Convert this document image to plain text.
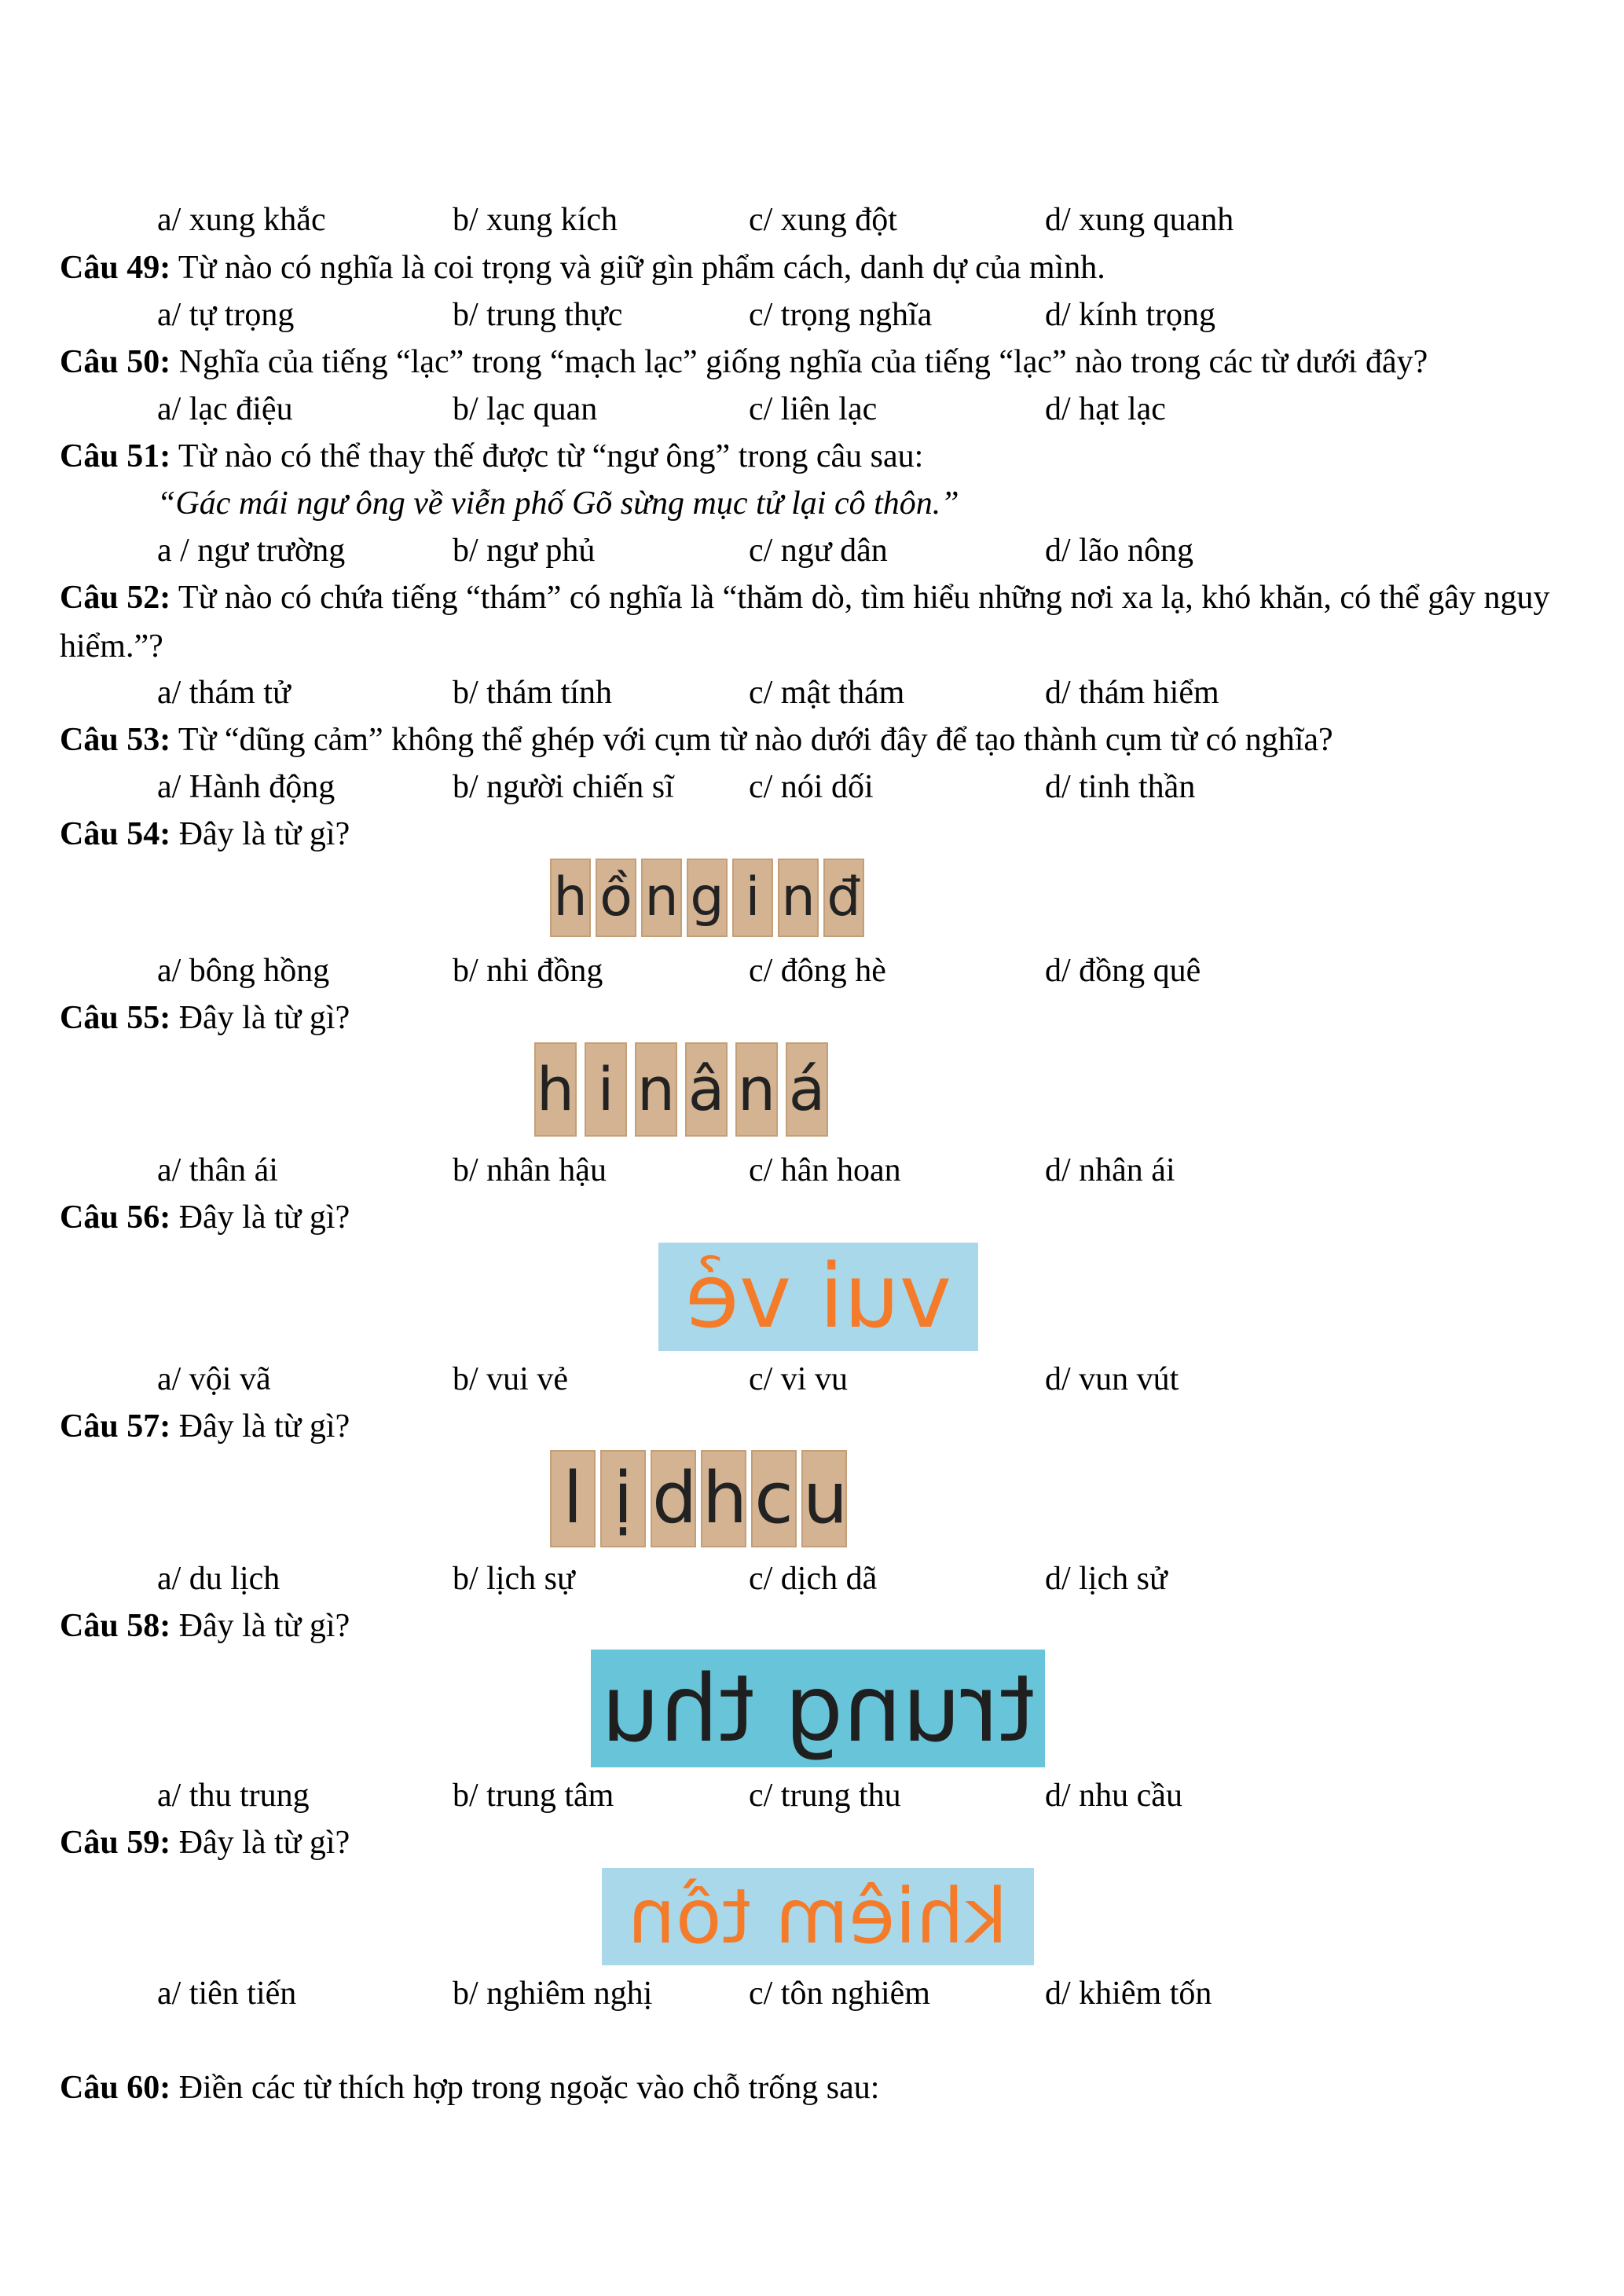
a/ xung khắc	b/ xung kích	c/ xung đột	d/ xung quanh
Câu 49: Từ nào có nghĩa là coi trọng và giữ gìn phẩm cách, danh dự của mình.
a/ tự trọng	b/ trung thực	c/ trọng nghĩa	d/ kính trọng
Câu 50: Nghĩa của tiếng “lạc” trong “mạch lạc” giống nghĩa của tiếng “lạc” nào trong các từ dưới đây?
a/ lạc điệu	b/ lạc quan	c/ liên lạc	d/ hạt lạc
Câu 51: Từ nào có thể thay thế được từ “ngư ông” trong câu sau:
“Gác mái ngư ông về viễn phố Gõ sừng mục tử lại cô thôn.”
a / ngư trường	b/ ngư phủ	c/ ngư dân	d/ lão nông
Câu 52: Từ nào có chứa tiếng “thám” có nghĩa là “thăm dò, tìm hiểu những nơi xa lạ, khó khăn, có thể gây nguy hiểm.”?
a/ thám tử	b/ thám tính	c/ mật thám	d/ thám hiểm
Câu 53: Từ “dũng cảm” không thể ghép với cụm từ nào dưới đây để tạo thành cụm từ có nghĩa?
a/ Hành động	b/ người chiến sĩ c/ nói dối	d/ tinh thần
Câu 54: Đây là từ gì?
h ồ n g i n đ
a/ bông hồng	b/ nhi đồng	c/ đông hè	d/ đồng quê
Câu 55: Đây là từ gì?
h i n â n á
a/ thân ái	b/ nhân hậu	c/ hân hoan	d/ nhân ái
Câu 56: Đây là từ gì?
vui vẻ
a/ vội vã	b/ vui vẻ	c/ vi vu	d/ vun vút
Câu 57: Đây là từ gì?
l ị d h c u
a/ du lịch	b/ lịch sự	c/ dịch dã	d/ lịch sử
Câu 58: Đây là từ gì?
trung thu
a/ thu trung	b/ trung tâm	c/ trung thu	d/ nhu cầu
Câu 59: Đây là từ gì?
khiêm tồn
a/ tiên tiến	b/ nghiêm nghị	c/ tôn nghiêm	d/ khiêm tốn
Câu 60: Điền các từ thích hợp trong ngoặc vào chỗ trống sau:
